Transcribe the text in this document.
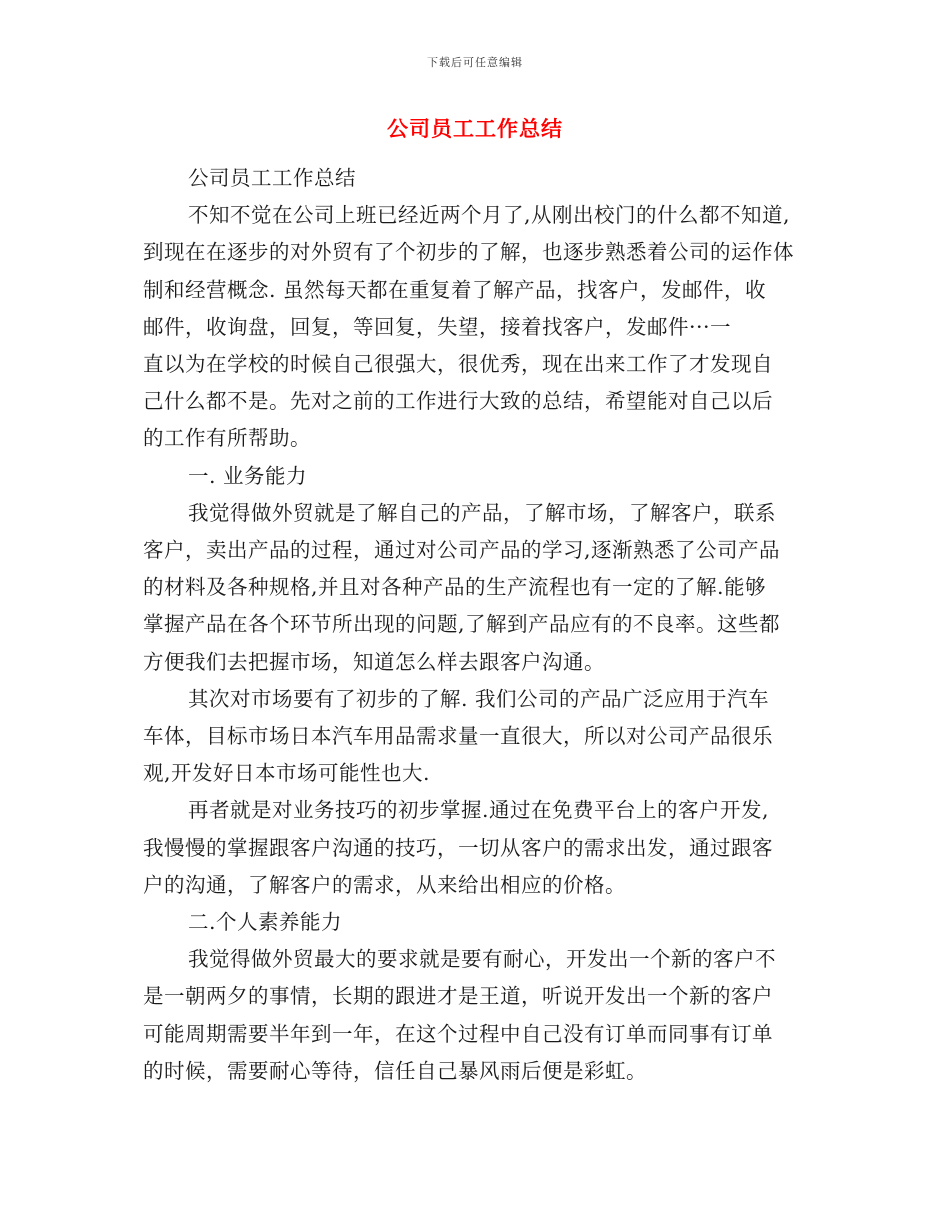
下载后可任意编辑
公司员工工作总结

公司员工工作总结

不知不觉在公司上班已经近两个月了,从刚出校门的什么都不知道,
到现在在逐步的对外贸有了个初步的了解，也逐步熟悉着公司的运作体
制和经营概念. 虽然每天都在重复着了解产品，找客户，发邮件，收
邮件，收询盘，回复，等回复，失望，接着找客户，发邮件···一
直以为在学校的时候自己很强大，很优秀，现在出来工作了才发现自
己什么都不是。先对之前的工作进行大致的总结，希望能对自己以后
的工作有所帮助。

一. 业务能力

我觉得做外贸就是了解自己的产品，了解市场，了解客户，联系
客户，卖出产品的过程，通过对公司产品的学习,逐渐熟悉了公司产品
的材料及各种规格,并且对各种产品的生产流程也有一定的了解.能够
掌握产品在各个环节所出现的问题,了解到产品应有的不良率。这些都
方便我们去把握市场，知道怎么样去跟客户沟通。

其次对市场要有了初步的了解. 我们公司的产品广泛应用于汽车
车体，目标市场日本汽车用品需求量一直很大，所以对公司产品很乐
观,开发好日本市场可能性也大.

再者就是对业务技巧的初步掌握.通过在免费平台上的客户开发,
我慢慢的掌握跟客户沟通的技巧，一切从客户的需求出发，通过跟客
户的沟通，了解客户的需求，从来给出相应的价格。

二.个人素养能力

我觉得做外贸最大的要求就是要有耐心，开发出一个新的客户不
是一朝两夕的事情，长期的跟进才是王道，听说开发出一个新的客户
可能周期需要半年到一年，在这个过程中自己没有订单而同事有订单
的时候，需要耐心等待，信任自己暴风雨后便是彩虹。
